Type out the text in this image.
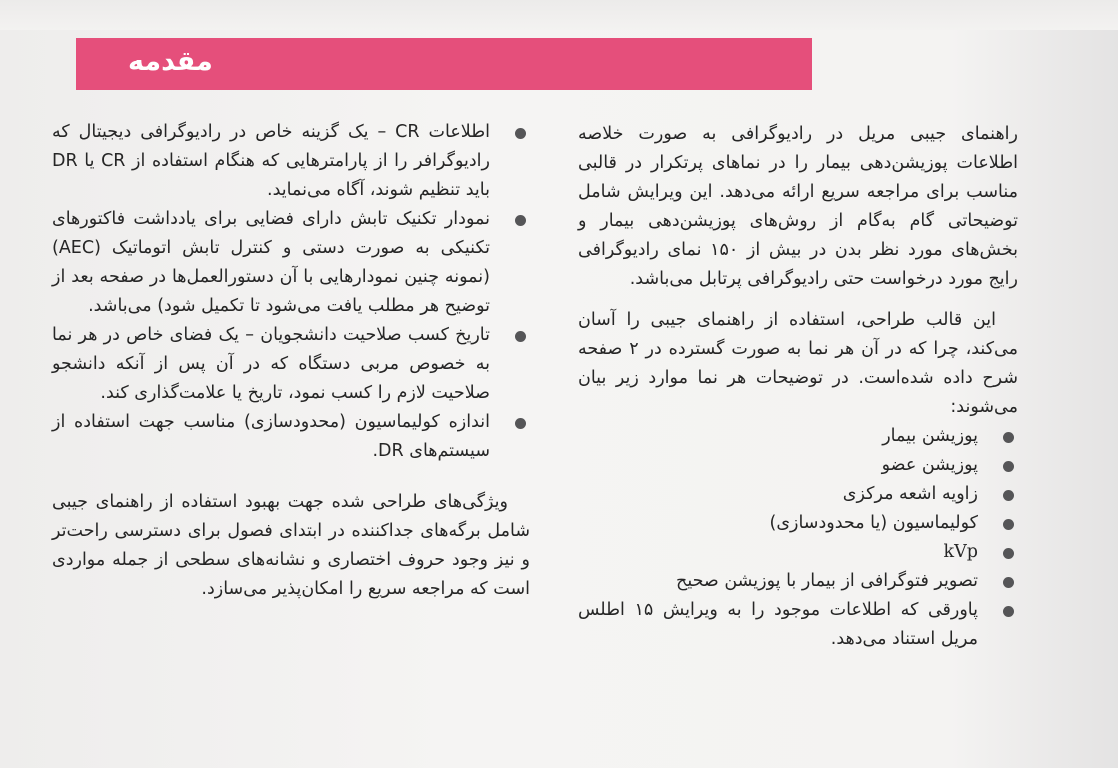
مقدمه

راهنمای جیبی مریل در رادیوگرافی به صورت خلاصه اطلاعات پوزیشن‌دهی بیمار را در نماهای پرتکرار در قالبی مناسب برای مراجعه سریع ارائه می‌دهد. این ویرایش شامل توضیحاتی گام به‌گام از روش‌های پوزیشن‌دهی بیمار و بخش‌های مورد نظر بدن در بیش از ۱۵۰ نمای رادیوگرافی رایج مورد درخواست حتی رادیوگرافی پرتابل می‌باشد.

این قالب طراحی، استفاده از راهنمای جیبی را آسان می‌کند، چرا که در آن هر نما به صورت گسترده در ۲ صفحه شرح داده شده‌است. در توضیحات هر نما موارد زیر بیان می‌شوند:

پوزیشن بیمار
پوزیشن عضو
زاویه اشعه مرکزی
کولیماسیون (یا محدودسازی)
kVp
تصویر فتوگرافی از بیمار با پوزیشن صحیح
پاورقی که اطلاعات موجود را به ویرایش ۱۵ اطلس مریل استناد می‌دهد.
اطلاعات CR – یک گزینه خاص در رادیوگرافی دیجیتال که رادیوگرافر را از پارامترهایی که هنگام استفاده از CR یا DR باید تنظیم شوند، آگاه می‌نماید.
نمودار تکنیک تابش دارای فضایی برای یادداشت فاکتورهای تکنیکی به صورت دستی و کنترل تابش اتوماتیک (AEC) (نمونه چنین نمودارهایی با آن دستورالعمل‌ها در صفحه بعد از توضیح هر مطلب یافت می‌شود تا تکمیل شود) می‌باشد.
تاریخ کسب صلاحیت دانشجویان – یک فضای خاص در هر نما به خصوص مربی دستگاه که در آن پس از آنکه دانشجو صلاحیت لازم را کسب نمود، تاریخ یا علامت‌گذاری کند.
اندازه کولیماسیون (محدودسازی) مناسب جهت استفاده از سیستم‌های DR.

ویژگی‌های طراحی شده جهت بهبود استفاده از راهنمای جیبی شامل برگه‌های جداکننده در ابتدای فصول برای دسترسی راحت‌تر و نیز وجود حروف اختصاری و نشانه‌های سطحی از جمله مواردی است که مراجعه سریع را امکان‌پذیر می‌سازد.
